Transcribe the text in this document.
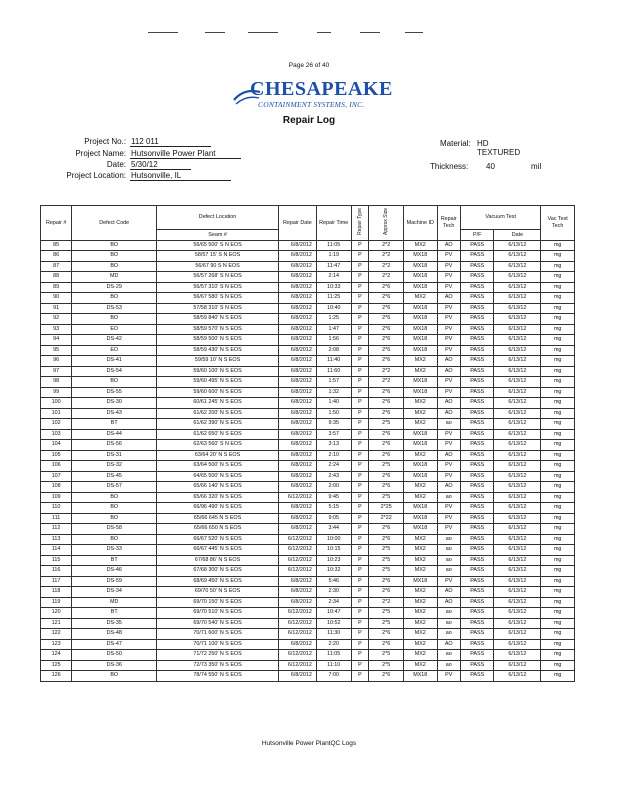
Page 26 of 40
CHESAPEAKE
CONTAINMENT SYSTEMS, INC.
Repair Log
Project No.: 112 011
Project Name: Hutsonville Power Plant
Date: 5/30/12
Project Location: Hutsonville, IL
Material: HD TEXTURED
Thickness: 40	mil
Repair #	Defect Code	Defect Location	Repair Date	Repair Time	Repair Type	Approx Size	Machine ID	Repair Tech	Vacuum Test		Vac Test Tech
		Seam #							P/F	Date	
85	BO	56/65 500' S N EOS	6/8/2012	11:05	P	2*2	MX2	AO	PASS	6/13/12	mg
86	BO	58/57 15' S N EOS	6/8/2012	1:19	P	2*2	MX18	PV	PASS	6/13/12	mg
87	BO	56/67 90 S N EOS	6/8/2012	11:47	P	2*2	MX18	PV	PASS	6/13/12	mg
88	MD	56/57 268' S N EOS	6/8/2012	2:14	P	2*2	MX18	PV	PASS	6/13/12	mg
89	DS-29	56/57 310' S N EOS	6/8/2012	10:33	P	2*6	MX18	PV	PASS	6/13/12	mg
90	BO	56/67 580' S N EOS	6/8/2012	11:25	P	2*6	MX2	AO	PASS	6/13/12	mg
91	DS-53	57/58 310' S N EOS	6/8/2012	10:40	P	2*6	MX18	PV	PASS	6/13/12	mg
92	BO	58/59 840' N S EOS	6/8/2012	1:25	P	2*6	MX18	PV	PASS	6/13/12	mg
93	EO	58/59 570' N S EOS	6/8/2012	1:47	P	2*6	MX18	PV	PASS	6/13/12	mg
94	DS-42	58/59 500' N S EOS	6/8/2012	1:56	P	2*6	MX18	PV	PASS	6/13/12	mg
95	EO	58/59 430' N S EOS	6/8/2012	2:08	P	2*6	MX18	PV	PASS	6/13/12	mg
96	DS-41	59/59 10' N S EOS	6/8/2012	11:40	P	2*6	MX2	AO	PASS	6/13/12	mg
97	DS-54	59/60 100' N S EOS	6/8/2012	11:60	P	2*2	MX2	AO	PASS	6/13/12	mg
98	BO	59/60 495' N S EOS	6/8/2012	1:57	P	2*2	MX18	PV	PASS	6/13/12	mg
99	DS-55	59/60 600' N S EOS	6/8/2012	1:32	P	2*6	MX18	PV	PASS	6/13/12	mg
100	DS-30	60/61 245' N S EOS	6/8/2012	1:40	P	2*6	MX2	AO	PASS	6/13/12	mg
101	DS-43	61/62 200' N S EOS	6/8/2012	1:50	P	2*6	MX2	AO	PASS	6/13/12	mg
102	BT	61/62 390' N S EOS	6/8/2012	9:35	P	2*5	MX2	ao	PASS	6/13/12	mg
103	DS-44	61/62 650' N S EOS	6/8/2012	3:57	P	2*6	MX18	PV	PASS	6/13/12	mg
104	DS-56	62/63 560' S N EOS	6/8/2012	3:13	P	2*6	MX18	PV	PASS	6/13/12	mg
105	DS-31	63/64 20' N S EOS	6/8/2012	2:10	P	2*6	MX2	AO	PASS	6/13/12	mg
106	DS-32	63/64 500' N S EOS	6/8/2012	2:24	P	2*5	MX18	PV	PASS	6/13/12	mg
107	DS-45	64/65 500' N S EOS	6/8/2012	2:43	P	2*6	MX18	PV	PASS	6/13/12	mg
108	DS-57	65/66 140' N S EOS	6/8/2012	2:00	P	2*6	MX2	AO	PASS	6/13/12	mg
109	BO	65/66 320' N S EOS	6/12/2012	9:45	P	2*5	MX2	ao	PASS	6/13/12	mg
110	BO	66/96 490' N S EOS	6/8/2012	5:15	P	2*25	MX18	PV	PASS	6/13/12	mg
111	BO	65/66 645 N S EOS	6/8/2012	9:05	P	2*22	MX18	PV	PASS	6/13/12	mg
112	DS-58	65/66 650 N S EOS	6/8/2012	3:44	P	2*6	MX18	PV	PASS	6/13/12	mg
113	BO	66/67 520' N S EOS	6/12/2012	10:00	P	2*6	MX2	ao	PASS	6/13/12	mg
114	DS-33	66/67 445' N S EOS	6/12/2012	10:15	P	2*5	MX2	ao	PASS	6/13/12	mg
115	BT	67/68 86' N S EOS	6/12/2012	10:23	P	2*5	MX2	ao	PASS	6/13/12	mg
116	DS-46	67/68 300' N S EOS	6/12/2012	10:32	P	2*5	MX2	ao	PASS	6/13/12	mg
117	DS-59	68/69 450' N S EOS	6/8/2012	5:46	P	2*6	MX18	PV	PASS	6/13/12	mg
118	DS-34	69/70 50' N S EOS	6/8/2012	2:30	P	2*6	MX2	AO	PASS	6/13/12	mg
119	MD	69/70 150' N S EOS	6/8/2012	2:34	P	2*2	MX2	AO	PASS	6/13/12	mg
120	BT	69/70 510' N S EOS	6/12/2012	10:47	P	2*5	MX2	ao	PASS	6/13/12	mg
121	DS-35	69/70 540' N S EOS	6/12/2012	10:52	P	2*5	MX2	ao	PASS	6/13/12	mg
122	DS-48	70/71 600' N S EOS	6/12/2012	11:30	P	2*6	MX2	ao	PASS	6/13/12	mg
123	DS-47	70/71 100' N S EOS	6/8/2012	2:20	P	2*6	MX2	AO	PASS	6/13/12	mg
124	DS-50	71/72 250' N S EOS	6/12/2012	11:05	P	2*5	MX2	ao	PASS	6/13/12	mg
125	DS-36	72/73 350' N S EOS	6/12/2012	11:10	P	2*5	MX2	ao	PASS	6/13/12	mg
126	BO	78/74 550' N S EOS	6/8/2012	7:00	P	2*6	MX18	PV	PASS	6/13/12	mg
Hutsonville Power PlantQC Logs
